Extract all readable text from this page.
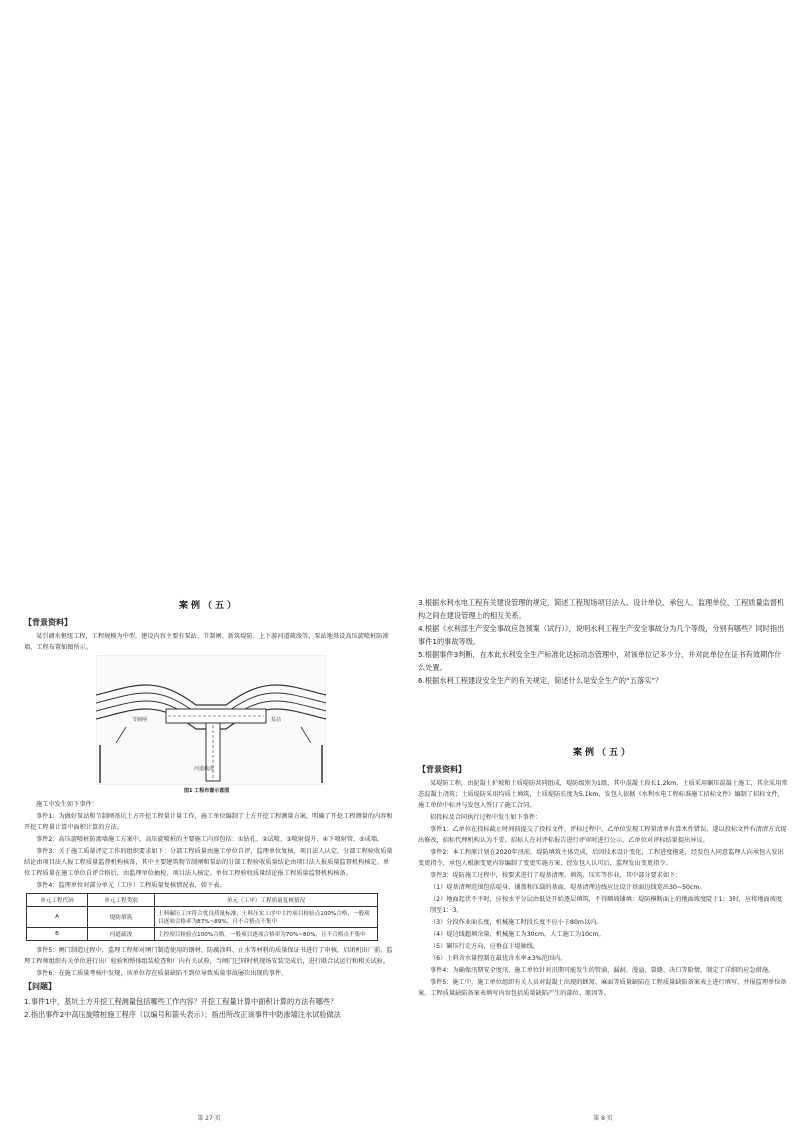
案例（五）
【背景资料】

某引调水枢纽工程，工程规模为中型，建设内容主要有泵站、节制闸、新筑堤防、上下游河道疏浚等，泵站地基设高压旋喷桩防渗墙，工程布置如图所示。

河道疏浚
节制闸	泵站
图1 工程布置示意图

施工中发生如下事件：

事件1：为做好泵站和节制闸基坑土方开挖工程量计量工作，施工单位编制了土方开挖工程测量方案，明确了开挖工程测量的内容和开挖工程量计算中面积计算的方法。

事件2：高压旋喷桩防渗墙施工方案中，高压旋喷桩的主要施工内容包括：①钻孔、②试喷、③喷射提升、④下喷射管、⑤成墙。

事件3：关于施工质量评定工作的组织要求如下：分部工程质量由施工单位自评，监理单位复核，项目法人认定，分部工程验收质量结论由项目法人报工程质量监督机构核备，其中主要建筑物节制闸和泵站的分部工程验收质量结论由项目法人报质量监督机构核定。单位工程质量在施工单位自评合格后，由监理单位抽检，项目法人核定。单位工程验收质量结论报工程质量监督机构核备。

事件4：监理单位对部分单元（工序）工程质量复核情况表，如下表。

单元工程代码	单元工程类别	单元（工序）工程质量复核情况
A	堤防填筑	土料碾压工序符合优良质量标准，土料压实工序中主控项目检验点100%合格，一般项目逐项合格率为87%~89%，且不合格点不集中
B	河道疏浚	主控项目检验点100%合格，一般项目逐项合格率为70%~80%，且不合格点不集中

事件5：闸门制造过程中，监理工程师对闸门制造使用的钢材、防腐涂料、止水等材料的质量保证书进行了审核，启闭机出厂前，监理工程师组织有关单位进行出厂检验和整体组装检查和厂内有关试验，当闸门已同时机现场安装完成后，进行联合试运行和相关试验。

事件6：在施工质量考核中发现，该单位存在质量缺陷不到位导致质量事故屡次出现的事件。

【问题】

1.事件1中，基坑土方开挖工程测量包括哪些工作内容？开挖工程量计算中面积计算的方法有哪些？

2.指出事件2中高压旋喷桩施工程序（以编号和箭头表示）；指出所改正该事件中防渗墙注水试验做法

第 27 页

3.根据水利水电工程有关建设管理的规定，简述工程现场项目法人、设计单位、承包人、监理单位、工程质量监督机构之间在建设管理上的相互关系。

4.根据《水利部生产安全事故应急预案（试行）》，说明水利工程生产安全事故分为几个等级，分别有哪些？同时指出事件1的事故等级。

5.根据事件3判断，在本此水利安全生产标准化达标动态管理中，对该单位记多少分，并对此单位在证书有效期作什么处置。

6.根据水利工程建设安全生产的有关规定，简述什么是安全生产的“五落实”？

案例（五）
【背景资料】

某堤防工程，由泥凝土护坡和土质堤防共同组成，堤防级别为1级，其中混凝土段长1.2km，土质采用碾压混凝土施工，其余采用常态混凝土浇筑；土质堤防采用均质土填筑，土质堤防长度为5.1km，发包人依据《水利水电工程标准施工招标文件》编制了招标文件，施工单位中标并与发包人签订了施工合同。

招投标及合同执行过程中发生如下事件：

事件1：乙单位在投标截止时间前提交了投标文件，评标过程中，乙单位发现工程量清单有算术性错误，遂以投标文件有清清方式提出修改，招标代理机构认为不妥。招标人在对评标报告进行评审时进行公示，乙单位对评标结果提出异议。

事件2：本工程原计划在2020年汛前，堤防填筑主体完成，后因技术设计变化，工程进度拖延，经发包人同意监理人向承包人发出变更指令，承包人根据变更内容编制了变更实施方案，经发包人认可后，监理发出变更指令。

事件3：堤防施工过程中，按要求进行了堤基清理、填筑、压实等作业，其中部分要求如下：

（1）堤基清理范围包括堤身、铺盖和压载的基面，堤基清理边线应比设计基面边线宽出30~50cm。

（2）地面起伏不平时，应按水平分层由低处开始逐层填筑，不得顺坡铺填；堤防横断面上的地面坡度陡于1：3时，应将地面坡度削至1：3。

（3）分段作业面长度，机械施工时段长度不应小于80m以内。

（4）堤边线超填余量，机械施工为30cm，人工施工为10cm。

（5）碾压行走方向，应垂直于堤轴线。

（6）土料含水量控制在最优含水率±3%范围内。

事件4：为确保汛期安全度汛，施工单位针对汛期可能发生的管涌、漏洞、漫溢、裂缝、决口等险情，制定了详细的应急措施。

事件5：施工中，施工单位组织有关人员对混凝土出现的蜂窝、麻面等质量缺陷在工程质量缺陷备案表上进行填写，并报监理单位备案。工程质量缺陷备案表填写内容包括质量缺陷产生的部位、原因等。

第 8 页
